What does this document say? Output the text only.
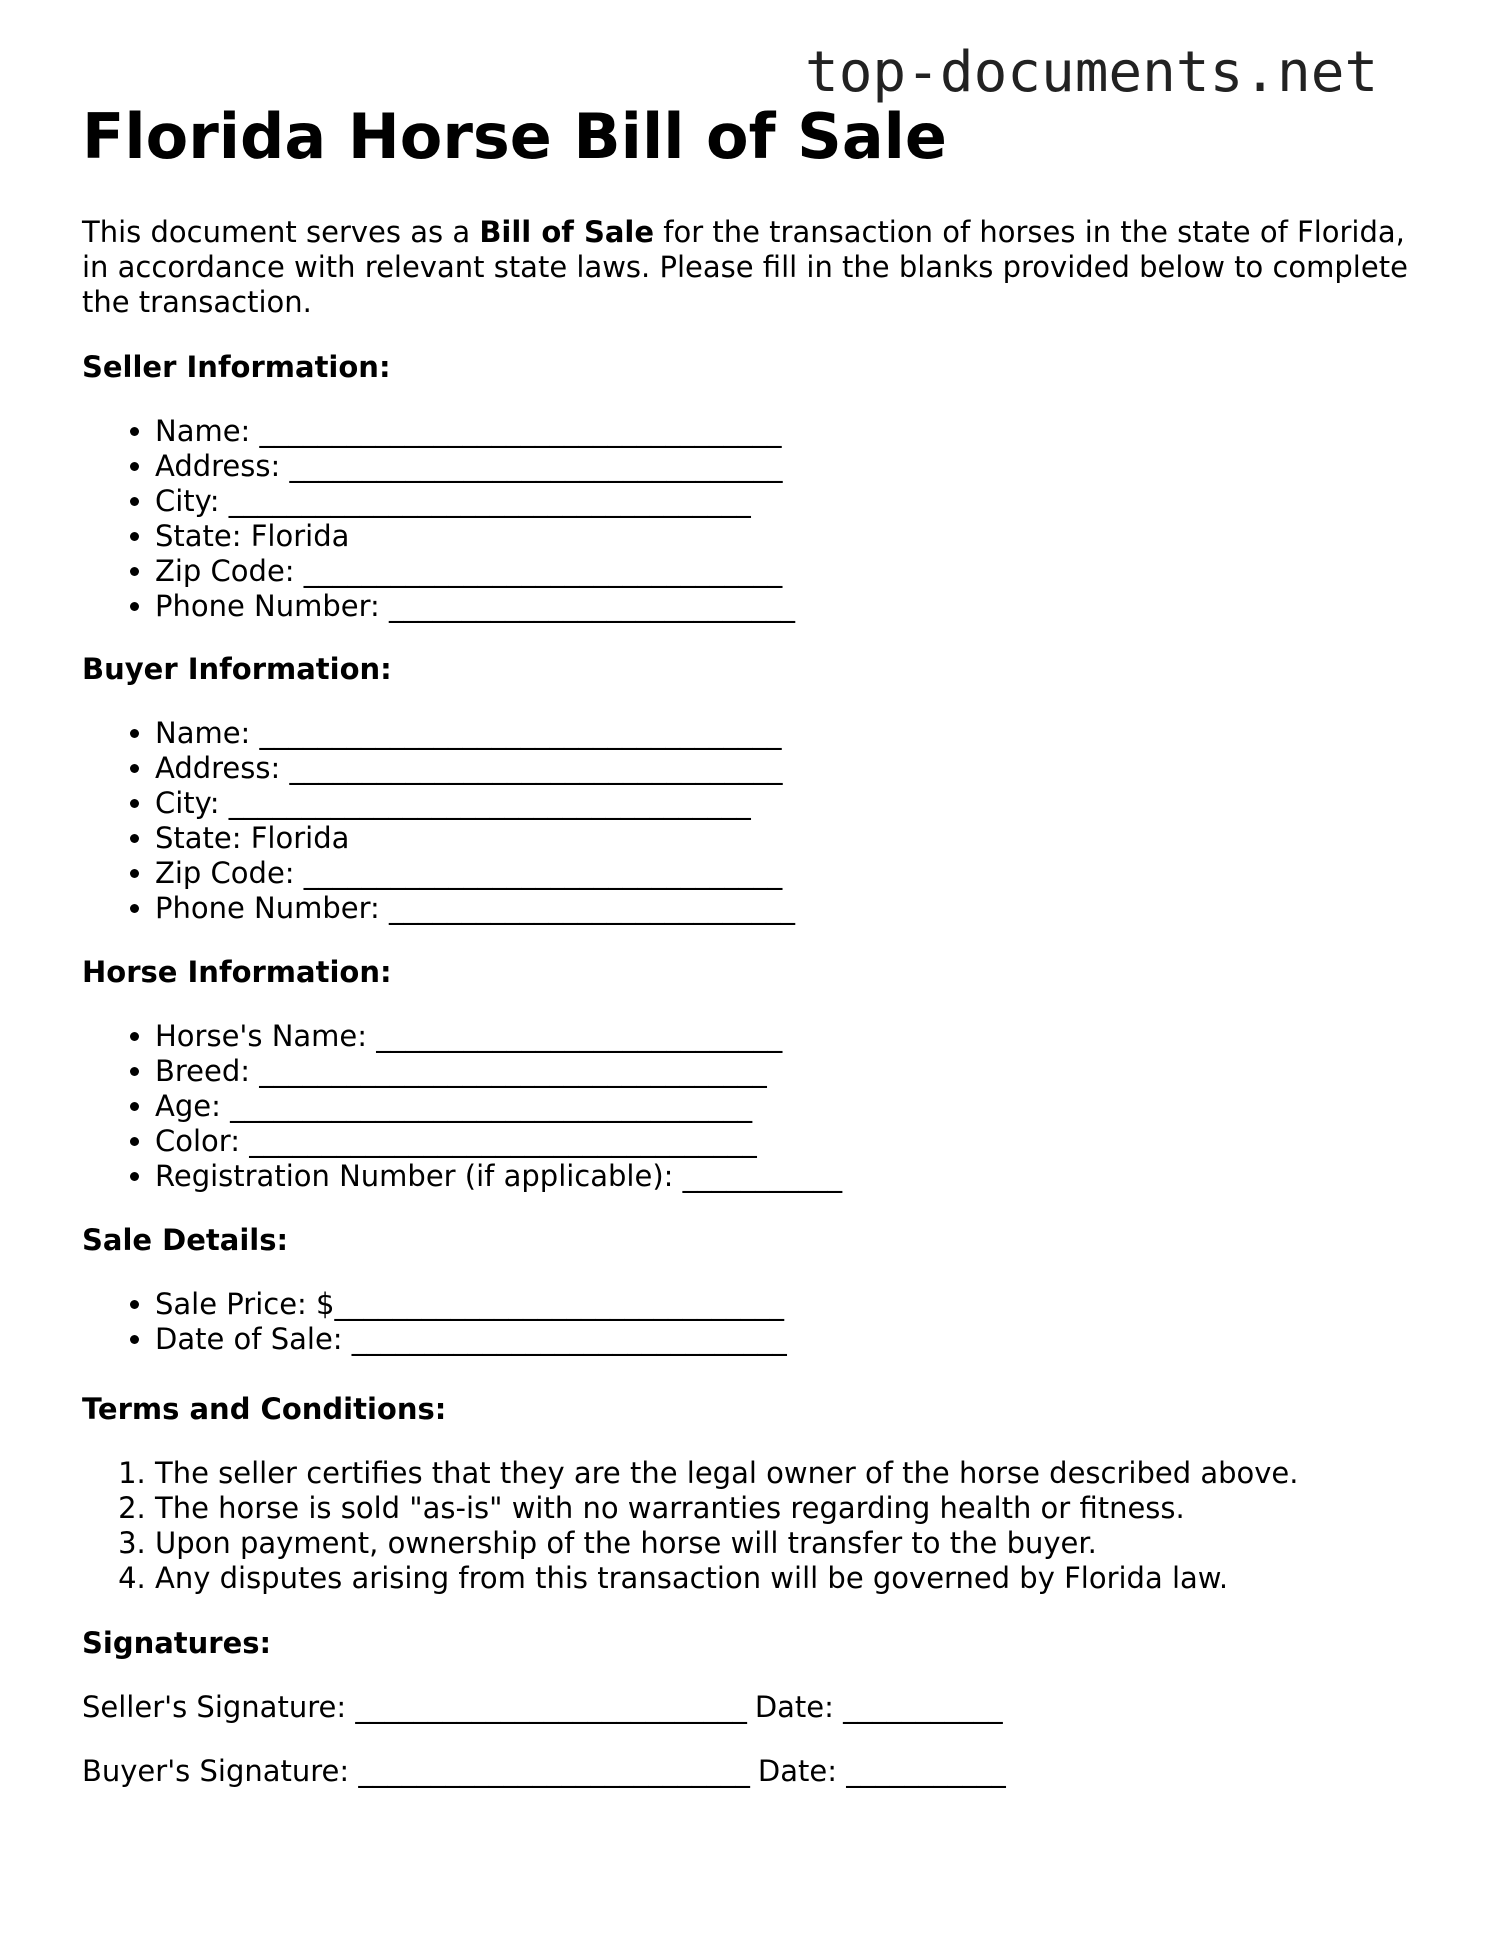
top-documents.net
Florida Horse Bill of Sale

This document serves as a Bill of Sale for the transaction of horses in the state of Florida, in accordance with relevant state laws. Please fill in the blanks provided below to complete the transaction.

Seller Information:

• Name: ____________________________________
• Address: __________________________________
• City: ____________________________________
• State: Florida
• Zip Code: _________________________________
• Phone Number: ____________________________

Buyer Information:

• Name: ____________________________________
• Address: __________________________________
• City: ____________________________________
• State: Florida
• Zip Code: _________________________________
• Phone Number: ____________________________

Horse Information:

• Horse's Name: ____________________________
• Breed: ___________________________________
• Age: ____________________________________
• Color: ___________________________________
• Registration Number (if applicable): ___________

Sale Details:

• Sale Price: $_______________________________
• Date of Sale: ______________________________

Terms and Conditions:

1. The seller certifies that they are the legal owner of the horse described above.
2. The horse is sold "as-is" with no warranties regarding health or fitness.
3. Upon payment, ownership of the horse will transfer to the buyer.
4. Any disputes arising from this transaction will be governed by Florida law.

Signatures:

Seller's Signature: ___________________________ Date: ___________

Buyer's Signature: ___________________________ Date: ___________
